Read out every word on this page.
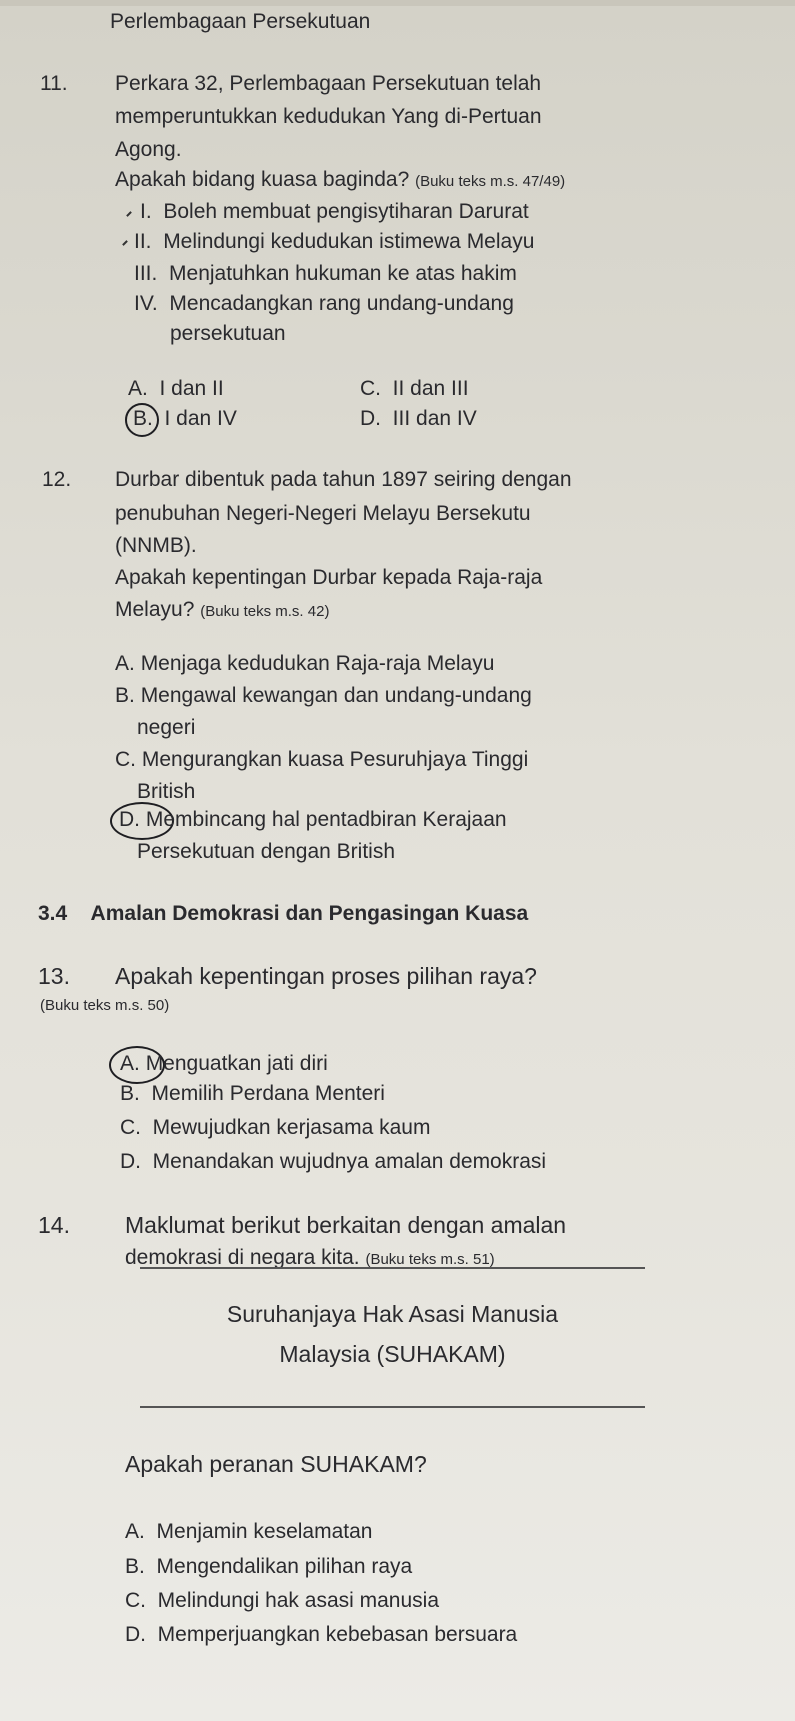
Perlembagaan Persekutuan
11. Perkara 32, Perlembagaan Persekutuan telah
memperuntukkan kedudukan Yang di-Pertuan
Agong.
Apakah bidang kuasa baginda? (Buku teks m.s. 47/49)
I. Boleh membuat pengisytiharan Darurat
II. Melindungi kedudukan istimewa Melayu
III. Menjatuhkan hukuman ke atas hakim
IV. Mencadangkan rang undang-undang
persekutuan
A. I dan II	C. II dan III
B. I dan IV	D. III dan IV
12. Durbar dibentuk pada tahun 1897 seiring dengan
penubuhan Negeri-Negeri Melayu Bersekutu
(NNMB).
Apakah kepentingan Durbar kepada Raja-raja
Melayu? (Buku teks m.s. 42)
A. Menjaga kedudukan Raja-raja Melayu
B. Mengawal kewangan dan undang-undang
negeri
C. Mengurangkan kuasa Pesuruhjaya Tinggi
British
D. Membincang hal pentadbiran Kerajaan
Persekutuan dengan British
3.4 Amalan Demokrasi dan Pengasingan Kuasa
13. Apakah kepentingan proses pilihan raya?
(Buku teks m.s. 50)
A. Menguatkan jati diri
B. Memilih Perdana Menteri
C. Mewujudkan kerjasama kaum
D. Menandakan wujudnya amalan demokrasi
14. Maklumat berikut berkaitan dengan amalan
demokrasi di negara kita. (Buku teks m.s. 51)
Suruhanjaya Hak Asasi Manusia
Malaysia (SUHAKAM)
Apakah peranan SUHAKAM?
A. Menjamin keselamatan
B. Mengendalikan pilihan raya
C. Melindungi hak asasi manusia
D. Memperjuangkan kebebasan bersuara
